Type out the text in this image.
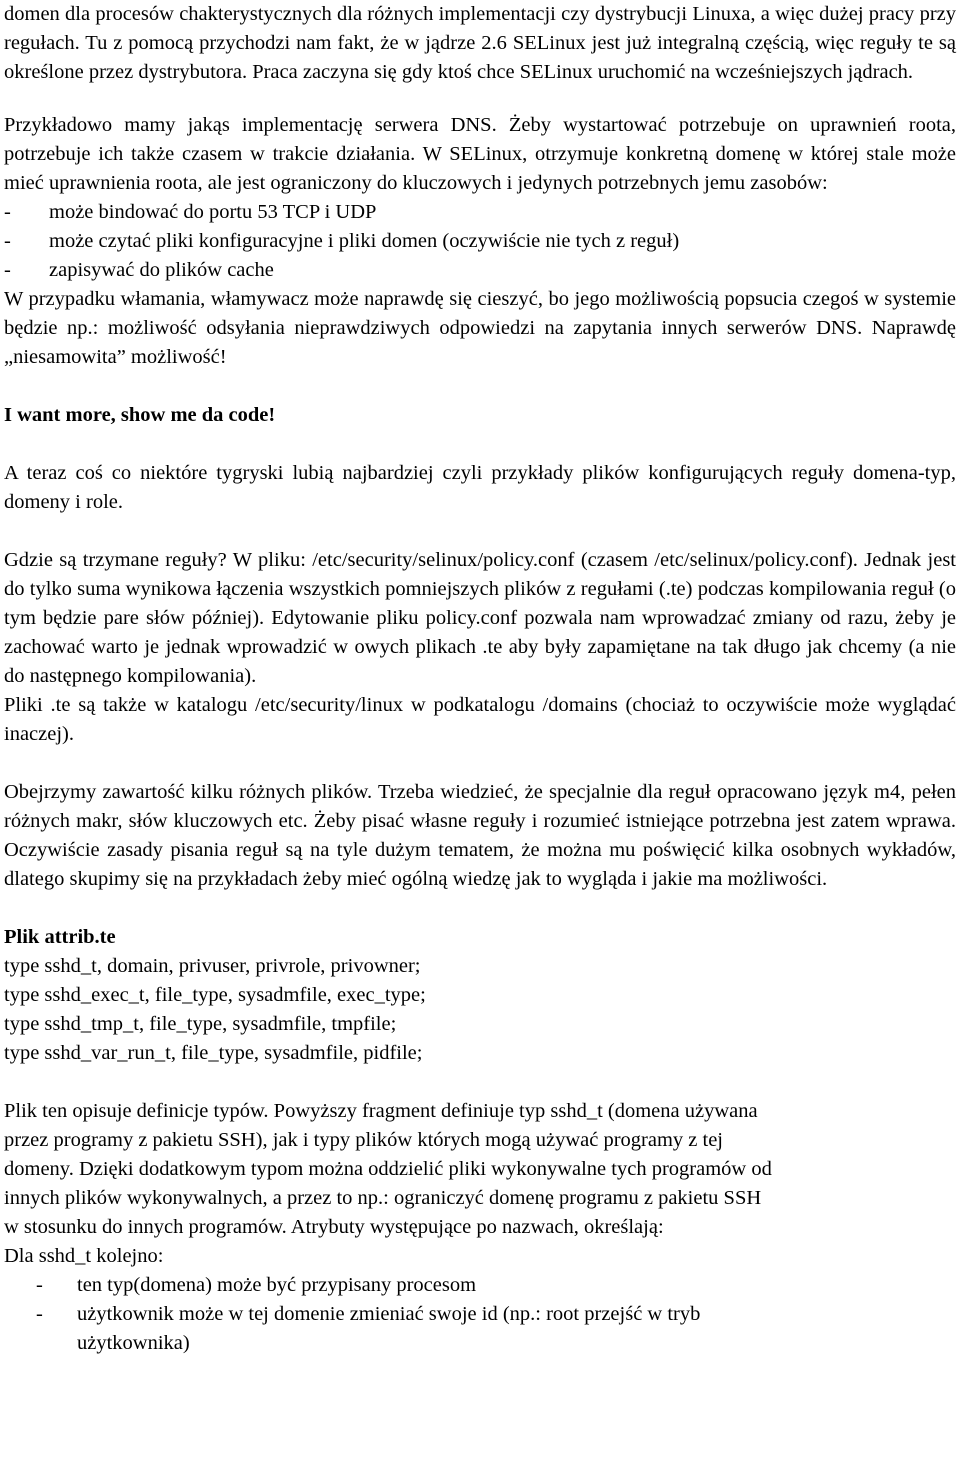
domen dla procesów chakterystycznych dla różnych implementacji czy dystrybucji Linuxa, a więc dużej pracy przy regułach. Tu z pomocą przychodzi nam fakt, że w jądrze 2.6 SELinux jest już integralną częścią, więc reguły te są określone przez dystrybutora. Praca zaczyna się gdy ktoś chce SELinux uruchomić na wcześniejszych jądrach.

Przykładowo mamy jakąs implementację serwera DNS. Żeby wystartować potrzebuje on uprawnień roota, potrzebuje ich także czasem w trakcie działania. W SELinux, otrzymuje konkretną domenę w której stale może mieć uprawnienia roota, ale jest ograniczony do kluczowych i jedynych potrzebnych jemu zasobów:

-	może bindować do portu 53 TCP i UDP
-	może czytać pliki konfiguracyjne i pliki domen (oczywiście nie tych z reguł)
-	zapisywać do plików cache

W przypadku włamania, włamywacz może naprawdę się cieszyć, bo jego możliwością popsucia czegoś w systemie będzie np.: możliwość odsyłania nieprawdziwych odpowiedzi na zapytania innych serwerów DNS. Naprawdę „niesamowita” możliwość!

I want more, show me da code!

A teraz coś co niektóre tygryski lubią najbardziej czyli przykłady plików konfigurujących reguły domena-typ, domeny i role.

Gdzie są trzymane reguły? W pliku: /etc/security/selinux/policy.conf (czasem /etc/selinux/policy.conf). Jednak jest do tylko suma wynikowa łączenia wszystkich pomniejszych plików z regułami (.te) podczas kompilowania reguł (o tym będzie pare słów później). Edytowanie pliku policy.conf pozwala nam wprowadzać zmiany od razu, żeby je zachować warto je jednak wprowadzić w owych plikach .te aby były zapamiętane na tak długo jak chcemy (a nie do następnego kompilowania).

Pliki .te są także w katalogu /etc/security/linux w podkatalogu /domains (chociaż to oczywiście może wyglądać inaczej).

Obejrzymy zawartość kilku różnych plików. Trzeba wiedzieć, że specjalnie dla reguł opracowano język m4, pełen różnych makr, słów kluczowych etc. Żeby pisać własne reguły i rozumieć istniejące potrzebna jest zatem wprawa. Oczywiście zasady pisania reguł są na tyle dużym tematem, że można mu poświęcić kilka osobnych wykładów, dlatego skupimy się na przykładach żeby mieć ogólną wiedzę jak to wygląda i jakie ma możliwości.

Plik attrib.te

type sshd_t, domain, privuser, privrole, privowner;

type sshd_exec_t, file_type, sysadmfile, exec_type;

type sshd_tmp_t, file_type, sysadmfile, tmpfile;

type sshd_var_run_t, file_type, sysadmfile, pidfile;

Plik ten opisuje definicje typów. Powyższy fragment definiuje typ sshd_t (domena używana

przez programy z pakietu SSH), jak i typy plików których mogą używać programy z tej

domeny. Dzięki dodatkowym typom można oddzielić pliki wykonywalne tych programów od

innych plików wykonywalnych, a przez to np.: ograniczyć domenę programu z pakietu SSH

w stosunku do innych programów. Atrybuty występujące po nazwach, określają:

Dla sshd_t kolejno:

-	ten typ(domena) może być przypisany procesom
-	użytkownik może w tej domenie zmieniać swoje id (np.: root przejść w tryb
użytkownika)
